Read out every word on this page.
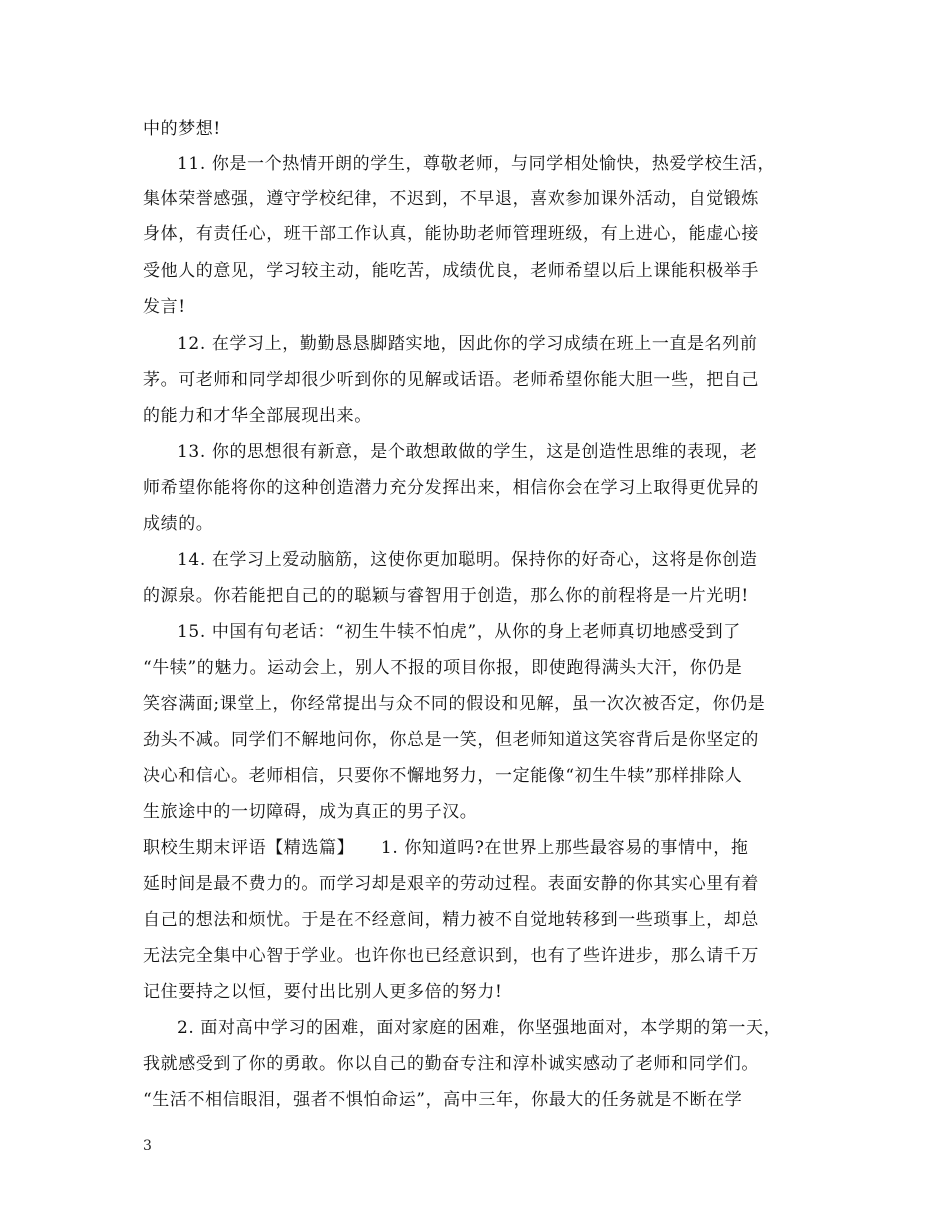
中的梦想!
11. 你是一个热情开朗的学生，尊敬老师，与同学相处愉快，热爱学校生活，
集体荣誉感强，遵守学校纪律，不迟到，不早退，喜欢参加课外活动，自觉锻炼
身体，有责任心，班干部工作认真，能协助老师管理班级，有上进心，能虚心接
受他人的意见，学习较主动，能吃苦，成绩优良，老师希望以后上课能积极举手
发言!
12. 在学习上，勤勤恳恳脚踏实地，因此你的学习成绩在班上一直是名列前
茅。可老师和同学却很少听到你的见解或话语。老师希望你能大胆一些，把自己
的能力和才华全部展现出来。
13. 你的思想很有新意，是个敢想敢做的学生，这是创造性思维的表现，老
师希望你能将你的这种创造潜力充分发挥出来，相信你会在学习上取得更优异的
成绩的。
14. 在学习上爱动脑筋，这使你更加聪明。保持你的好奇心，这将是你创造
的源泉。你若能把自己的的聪颖与睿智用于创造，那么你的前程将是一片光明!
15. 中国有句老话：“初生牛犊不怕虎”，从你的身上老师真切地感受到了
“牛犊”的魅力。运动会上，别人不报的项目你报，即使跑得满头大汗，你仍是
笑容满面;课堂上，你经常提出与众不同的假设和见解，虽一次次被否定，你仍是
劲头不减。同学们不解地问你，你总是一笑，但老师知道这笑容背后是你坚定的
决心和信心。老师相信，只要你不懈地努力，一定能像“初生牛犊”那样排除人
生旅途中的一切障碍，成为真正的男子汉。
职校生期末评语【精选篇】　　1. 你知道吗?在世界上那些最容易的事情中，拖
延时间是最不费力的。而学习却是艰辛的劳动过程。表面安静的你其实心里有着
自己的想法和烦忧。于是在不经意间，精力被不自觉地转移到一些琐事上，却总
无法完全集中心智于学业。也许你也已经意识到，也有了些许进步，那么请千万
记住要持之以恒，要付出比别人更多倍的努力!
2. 面对高中学习的困难，面对家庭的困难，你坚强地面对，本学期的第一天，
我就感受到了你的勇敢。你以自己的勤奋专注和淳朴诚实感动了老师和同学们。
“生活不相信眼泪，强者不惧怕命运”，高中三年，你最大的任务就是不断在学
3
